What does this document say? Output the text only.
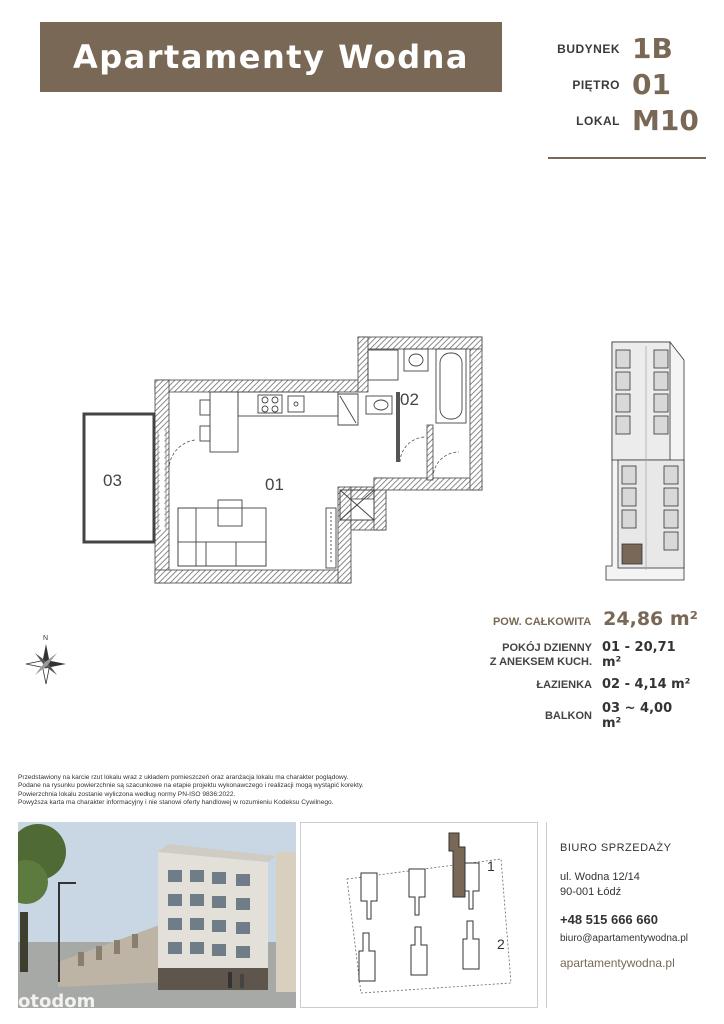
Apartamenty Wodna	BUDYNEK 1B
PIĘTRO 01
LOKAL M10
01
02
03
N
POW. CAŁKOWITA 24,86 m²
POKÓJ DZIENNY
Z ANEKSEM KUCH.
01 - 20,71 m²
ŁAZIENKA 02 - 4,14 m²
BALKON 03 ~ 4,00 m²
Przedstawiony na karcie rzut lokalu wraz z układem pomieszczeń oraz aranżacja lokalu ma charakter poglądowy.
Podane na rysunku powierzchnie są szacunkowe na etapie projektu wykonawczego i realizacji mogą wystąpić korekty.
Powierzchnia lokalu zostanie wyliczona według normy PN-ISO 9836:2022.
Powyższa karta ma charakter informacyjny i nie stanowi oferty handlowej w rozumieniu Kodeksu Cywilnego.
otodom
1
2
BIURO SPRZEDAŻY
ul. Wodna 12/14
90-001 Łódź
+48 515 666 660
biuro@apartamentywodna.pl
apartamentywodna.pl
